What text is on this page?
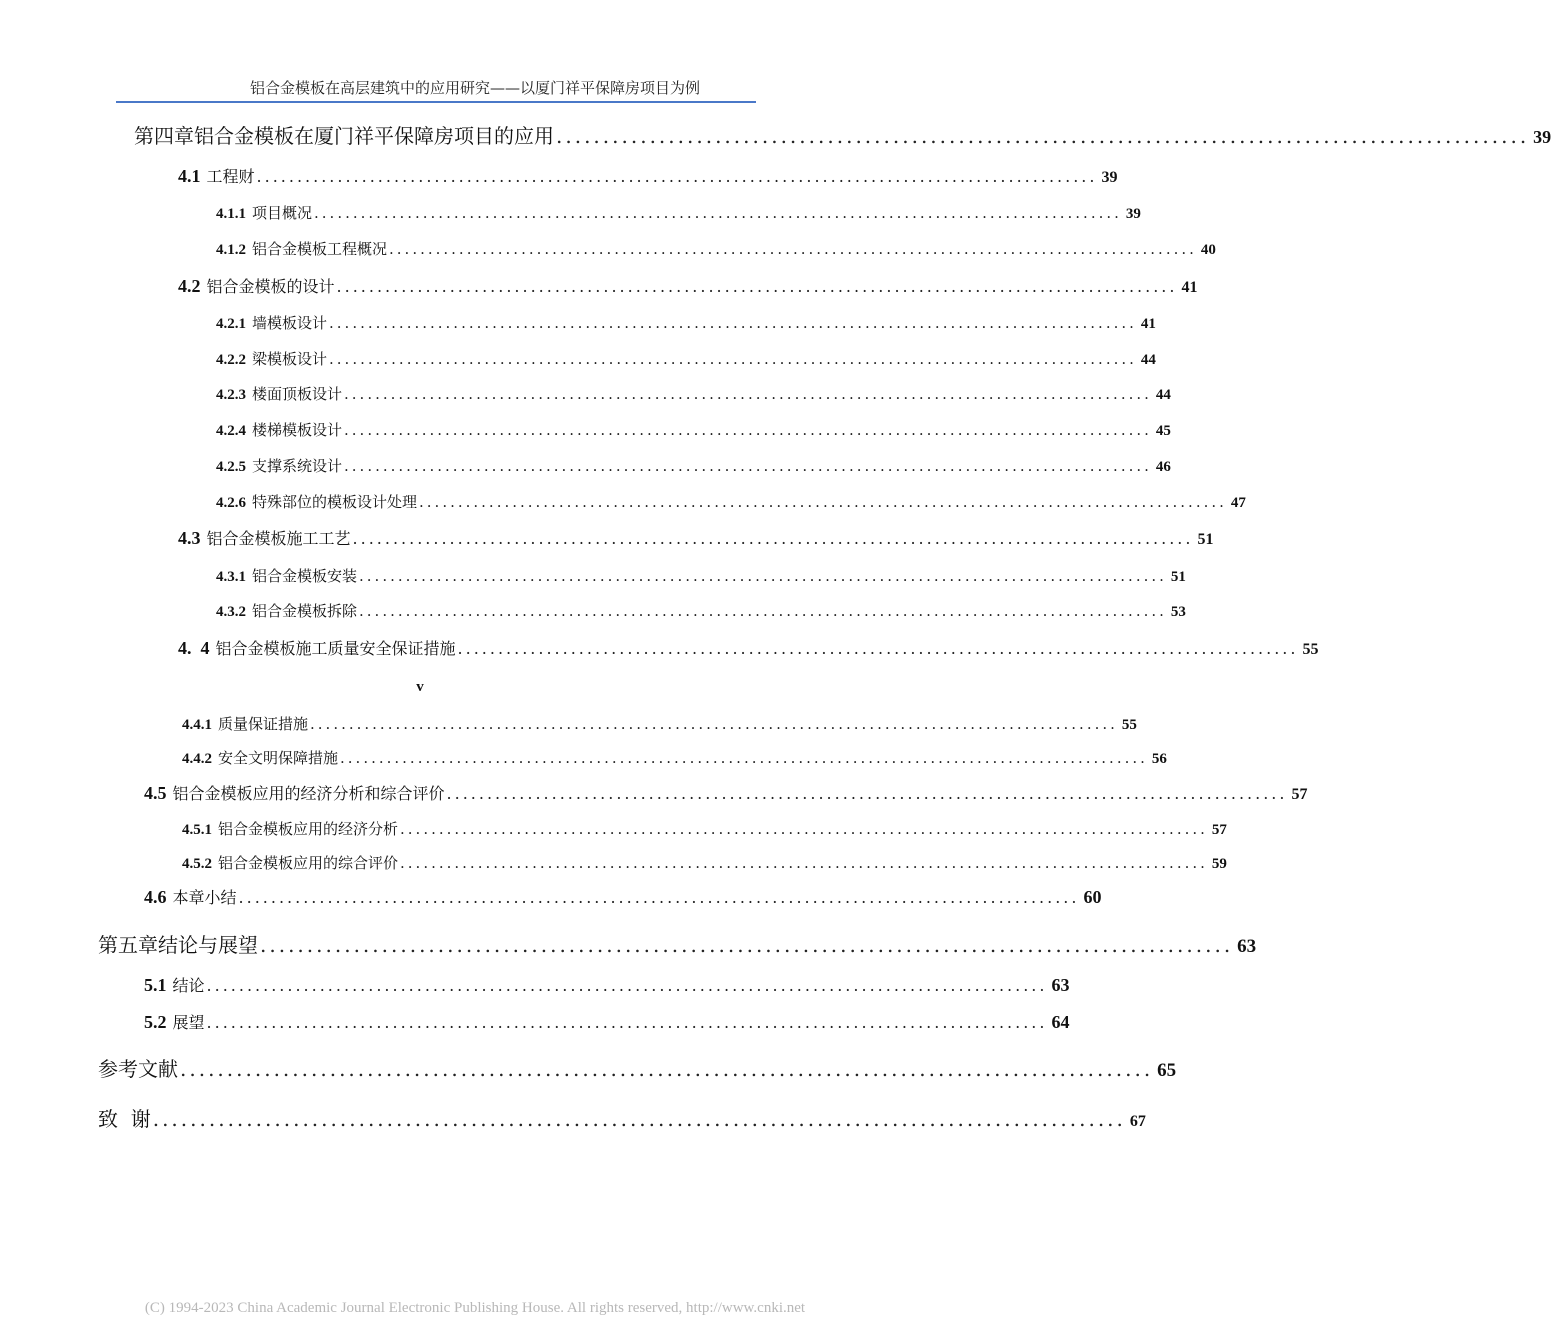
铝合金模板在高层建筑中的应用研究——以厦门祥平保障房项目为例
第四章铝合金模板在厦门祥平保障房项目的应用 ........................................................................................................ 39
4.1 工程财 ........................................................................................................ 39
4.1.1 项目概况 ........................................................................................................ 39
4.1.2 铝合金模板工程概况 ........................................................................................................ 40
4.2 铝合金模板的设计 ........................................................................................................ 41
4.2.1 墙模板设计 ........................................................................................................ 41
4.2.2 梁模板设计 ........................................................................................................ 44
4.2.3 楼面顶板设计 ........................................................................................................ 44
4.2.4 楼梯模板设计 ........................................................................................................ 45
4.2.5 支撑系统设计 ........................................................................................................ 46
4.2.6 特殊部位的模板设计处理 ........................................................................................................ 47
4.3 铝合金模板施工工艺 ........................................................................................................ 51
4.3.1 铝合金模板安装 ........................................................................................................ 51
4.3.2 铝合金模板拆除 ........................................................................................................ 53
4.  4 铝合金模板施工质量安全保证措施 ........................................................................................................ 55
v
4.4.1 质量保证措施 ........................................................................................................ 55
4.4.2 安全文明保障措施 ........................................................................................................ 56
4.5 铝合金模板应用的经济分析和综合评价 ........................................................................................................ 57
4.5.1 铝合金模板应用的经济分析 ........................................................................................................ 57
4.5.2 铝合金模板应用的综合评价 ........................................................................................................ 59
4.6 本章小结 ........................................................................................................ 60
第五章结论与展望 ........................................................................................................ 63
5.1 结论 ........................................................................................................ 63
5.2 展望 ........................................................................................................ 64
参考文献 ........................................................................................................ 65
致  谢 ........................................................................................................ 67
(C) 1994-2023 China Academic Journal Electronic Publishing House. All rights reserved, http://www.cnki.net
